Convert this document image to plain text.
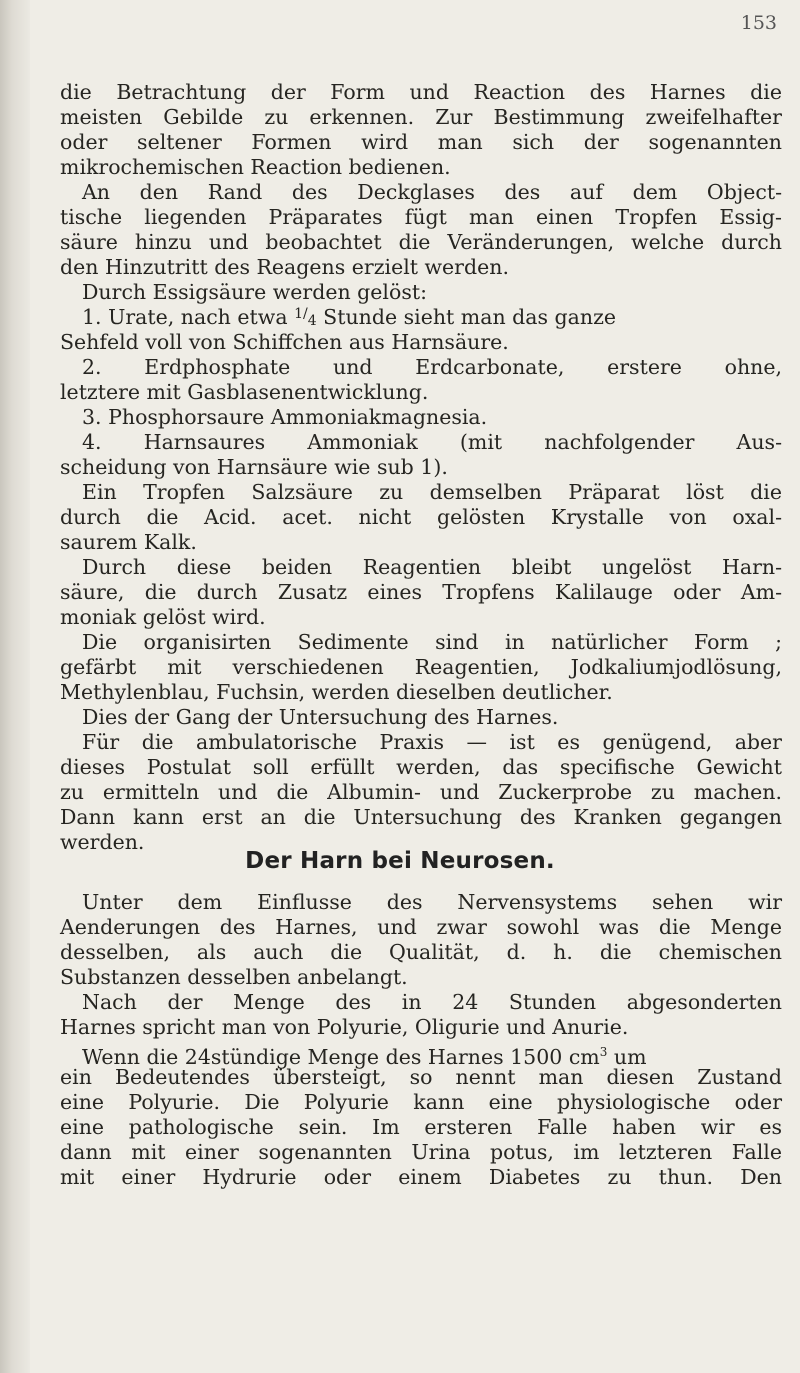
153
die Betrachtung der Form und Reaction des Harnes die
meisten Gebilde zu erkennen. Zur Bestimmung zweifelhafter
oder seltener Formen wird man sich der sogenannten
mikrochemischen Reaction bedienen.
An den Rand des Deckglases des auf dem Object-
tische liegenden Präparates fügt man einen Tropfen Essig-
säure hinzu und beobachtet die Veränderungen, welche durch
den Hinzutritt des Reagens erzielt werden.
Durch Essigsäure werden gelöst:
1. Urate, nach etwa $^{1/4}$ Stunde sieht man das ganze
Sehfeld voll von Schiffchen aus Harnsäure.
2. Erdphosphate und Erdcarbonate, erstere ohne,
letztere mit Gasblasenentwicklung.
3. Phosphorsaure Ammoniakmagnesia.
4. Harnsaures Ammoniak (mit nachfolgender Aus-
scheidung von Harnsäure wie sub 1).
Ein Tropfen Salzsäure zu demselben Präparat löst die
durch die Acid. acet. nicht gelösten Krystalle von oxal-
saurem Kalk.
Durch diese beiden Reagentien bleibt ungelöst Harn-
säure, die durch Zusatz eines Tropfens Kalilauge oder Am-
moniak gelöst wird.
Die organisirten Sedimente sind in natürlicher Form ;
gefärbt mit verschiedenen Reagentien, Jodkaliumjodlösung,
Methylenblau, Fuchsin, werden dieselben deutlicher.
Dies der Gang der Untersuchung des Harnes.
Für die ambulatorische Praxis — ist es genügend, aber
dieses Postulat soll erfüllt werden, das specifische Gewicht
zu ermitteln und die Albumin- und Zuckerprobe zu machen.
Dann kann erst an die Untersuchung des Kranken gegangen
werden.
Der Harn bei Neurosen.
Unter dem Einflusse des Nervensystems sehen wir
Aenderungen des Harnes, und zwar sowohl was die Menge
desselben, als auch die Qualität, d. h. die chemischen
Substanzen desselben anbelangt.
Nach der Menge des in 24 Stunden abgesonderten
Harnes spricht man von Polyurie, Oligurie und Anurie.
Wenn die 24stündige Menge des Harnes 1500 $cm^3$ um
ein Bedeutendes übersteigt, so nennt man diesen Zustand
eine Polyurie. Die Polyurie kann eine physiologische oder
eine pathologische sein. Im ersteren Falle haben wir es
dann mit einer sogenannten Urina potus, im letzteren Falle
mit einer Hydrurie oder einem Diabetes zu thun. Den
